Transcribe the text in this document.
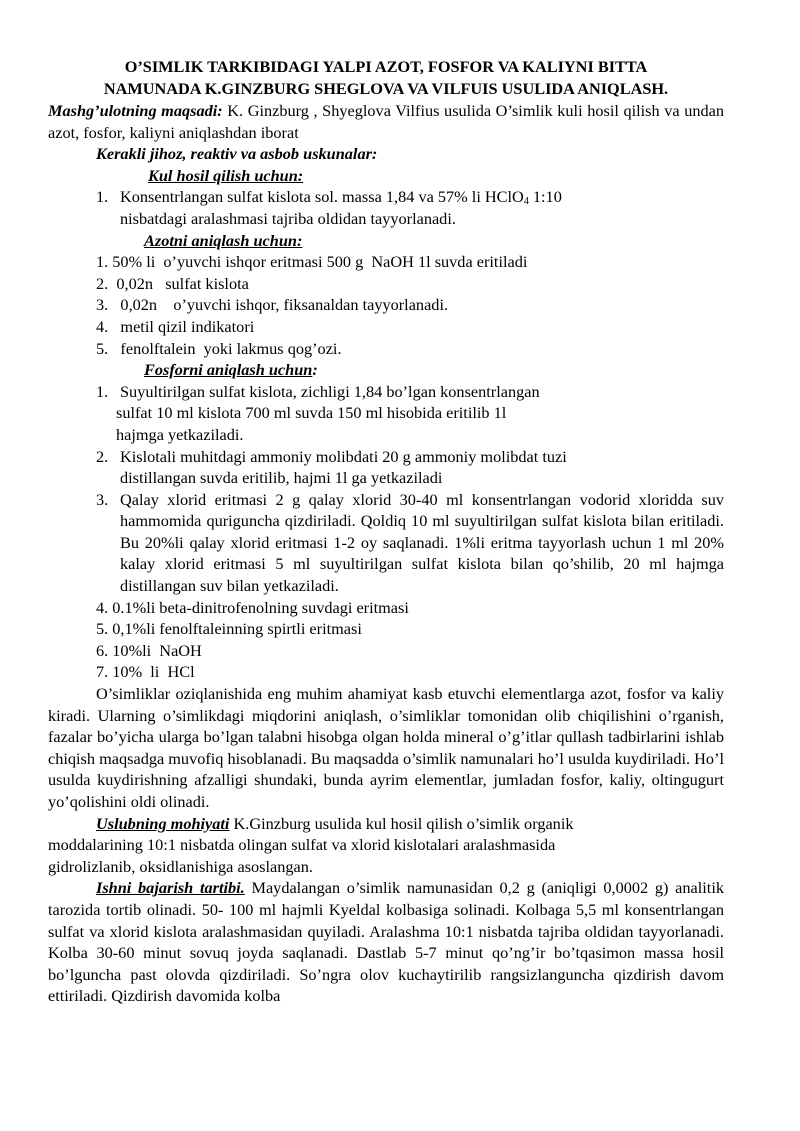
O’SIMLIK TARKIBIDAGI YALPI AZOT, FOSFOR VA KALIYNI BITTA
NAMUNADA K.GINZBURG SHEGLOVA VA VILFUIS USULIDA ANIQLASH.
Mashg’ulotning maqsadi: K. Ginzburg , Shyeglova Vilfius usulida O’simlik kuli hosil qilish va undan azot, fosfor, kaliyni aniqlashdan iborat
Kerakli jihoz, reaktiv va asbob uskunalar:
Kul hosil qilish uchun:
1. Konsentrlangan sulfat kislota sol. massa 1,84 va 57% li HClO$_4$ 1:10
nisbatdagi aralashmasi tajriba oldidan tayyorlanadi.
Azotni aniqlash uchun:
1. 50% li  o’yuvchi ishqor eritmasi 500 g  NaOH 1l suvda eritiladi
2.  0,02n   sulfat kislota
3.   0,02n    o’yuvchi ishqor, fiksanaldan tayyorlanadi.
4.   metil qizil indikatori
5.   fenolftalein  yoki lakmus qog’ozi.
Fosforni aniqlash uchun:
1. Suyultirilgan sulfat kislota, zichligi 1,84 bo’lgan konsentrlangan
sulfat 10 ml kislota 700 ml suvda 150 ml hisobida eritilib 1l
hajmga yetkaziladi.
2. Kislotali muhitdagi ammoniy molibdati 20 g ammoniy molibdat tuzi
distillangan suvda eritilib, hajmi 1l ga yetkaziladi
3. Qalay xlorid eritmasi 2 g qalay xlorid 30-40 ml konsentrlangan vodorid xloridda suv hammomida quriguncha qizdiriladi. Qoldiq 10 ml suyultirilgan sulfat kislota bilan eritiladi. Bu 20%li qalay xlorid eritmasi 1-2 oy saqlanadi. 1%li eritma tayyorlash uchun 1 ml 20% kalay xlorid eritmasi 5 ml suyultirilgan sulfat kislota bilan qo’shilib, 20 ml hajmga distillangan suv bilan yetkaziladi.
4. 0.1%li beta-dinitrofenolning suvdagi eritmasi
5. 0,1%li fenolftaleinning spirtli eritmasi
6. 10%li  NaOH
7. 10%  li  HCl
O’simliklar oziqlanishida eng muhim ahamiyat kasb etuvchi elementlarga azot, fosfor va kaliy kiradi. Ularning o’simlikdagi miqdorini aniqlash, o’simliklar tomonidan olib chiqilishini o’rganish, fazalar bo’yicha ularga bo’lgan talabni hisobga olgan holda mineral o’g’itlar qullash tadbirlarini ishlab chiqish maqsadga muvofiq hisoblanadi. Bu maqsadda o’simlik namunalari ho’l usulda kuydiriladi. Ho’l usulda kuydirishning afzalligi shundaki, bunda ayrim elementlar, jumladan fosfor, kaliy, oltingugurt yo’qolishini oldi olinadi.
Uslubning mohiyati K.Ginzburg usulida kul hosil qilish o’simlik organik
moddalarining 10:1 nisbatda olingan sulfat va xlorid kislotalari aralashmasida
gidrolizlanib, oksidlanishiga asoslangan.
Ishni bajarish tartibi. Maydalangan o’simlik namunasidan 0,2 g (aniqligi 0,0002 g) analitik tarozida tortib olinadi. 50- 100 ml hajmli Kyeldal kolbasiga solinadi. Kolbaga 5,5 ml konsentrlangan sulfat va xlorid kislota aralashmasidan quyiladi. Aralashma 10:1 nisbatda tajriba oldidan tayyorlanadi. Kolba 30-60 minut sovuq joyda saqlanadi. Dastlab 5-7 minut qo’ng’ir bo’tqasimon massa hosil bo’lguncha past olovda qizdiriladi. So’ngra olov kuchaytirilib rangsizlanguncha qizdirish davom ettiriladi. Qizdirish davomida kolba
